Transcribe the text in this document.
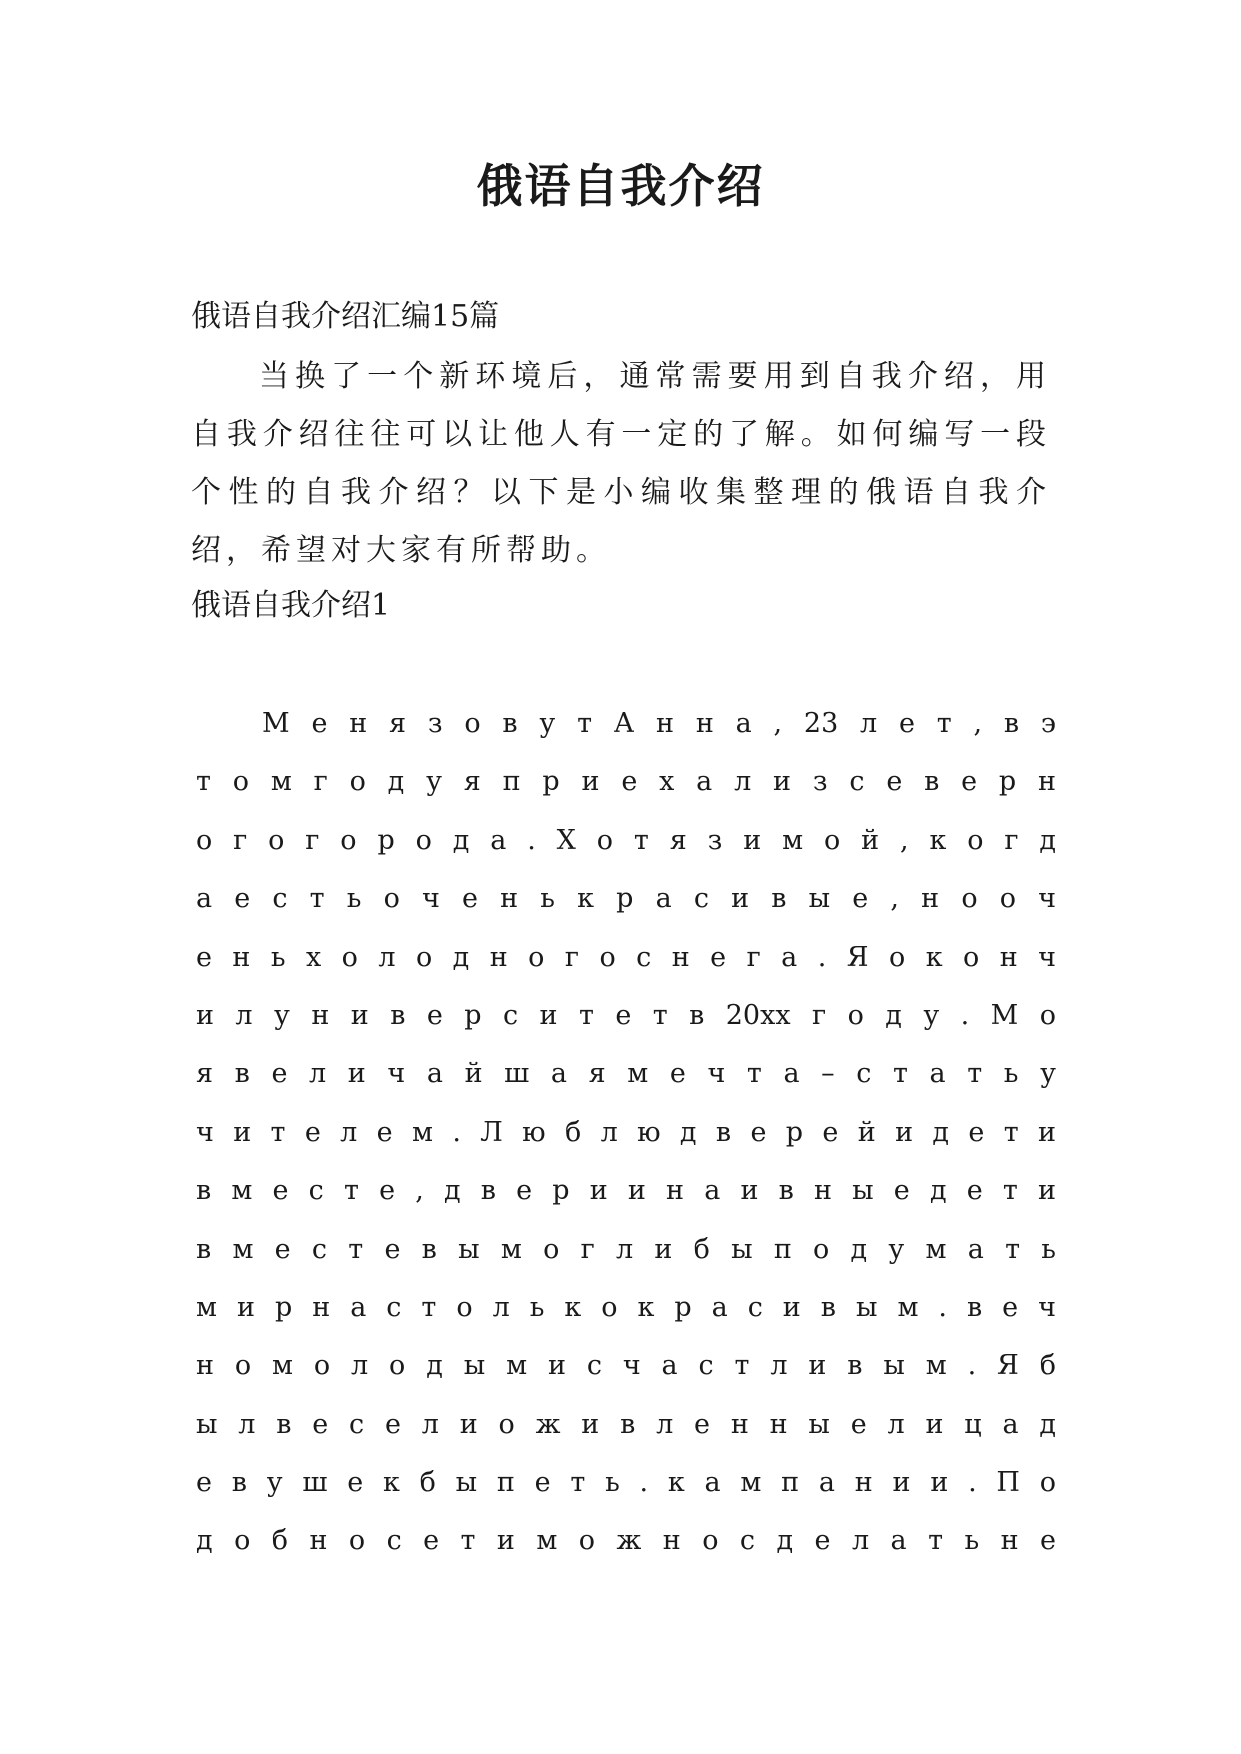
俄语自我介绍

俄语自我介绍汇编15篇

当换了一个新环境后，通常需要用到自我介绍，用自我介绍往往可以让他人有一定的了解。如何编写一段个性的自我介绍？以下是小编收集整理的俄语自我介绍，希望对大家有所帮助。

俄语自我介绍1

М е н я з о в у т А н н а , 23 л е т , в э
т о м г о д у я п р и е х а л и з с е в е р н
о г о г о р о д а . Х о т я з и м о й , к о г д
а е с т ь о ч е н ь к р а с и в ы е , н о о ч
е н ь х о л о д н о г о с н е г а . Я о к о н ч
и л у н и в е р с и т е т в 20xx г о д у . М о
я в е л и ч а й ш а я м е ч т а – с т а т ь у
ч и т е л е м . Л ю б л ю д в е р е й и д е т и
в м е с т е , д в е р и и н а и в н ы е д е т и
в м е с т е в ы м о г л и б ы п о д у м а т ь
м и р н а с т о л ь к о к р а с и в ы м . в е ч
н о м о л о д ы м и с ч а с т л и в ы м . Я б
ы л в е с е л и о ж и в л е н н ы е л и ц а д
е в у ш е к б ы п е т ь . к а м п а н и и . П о
д о б н о с е т и м о ж н о с д е л а т ь н е
